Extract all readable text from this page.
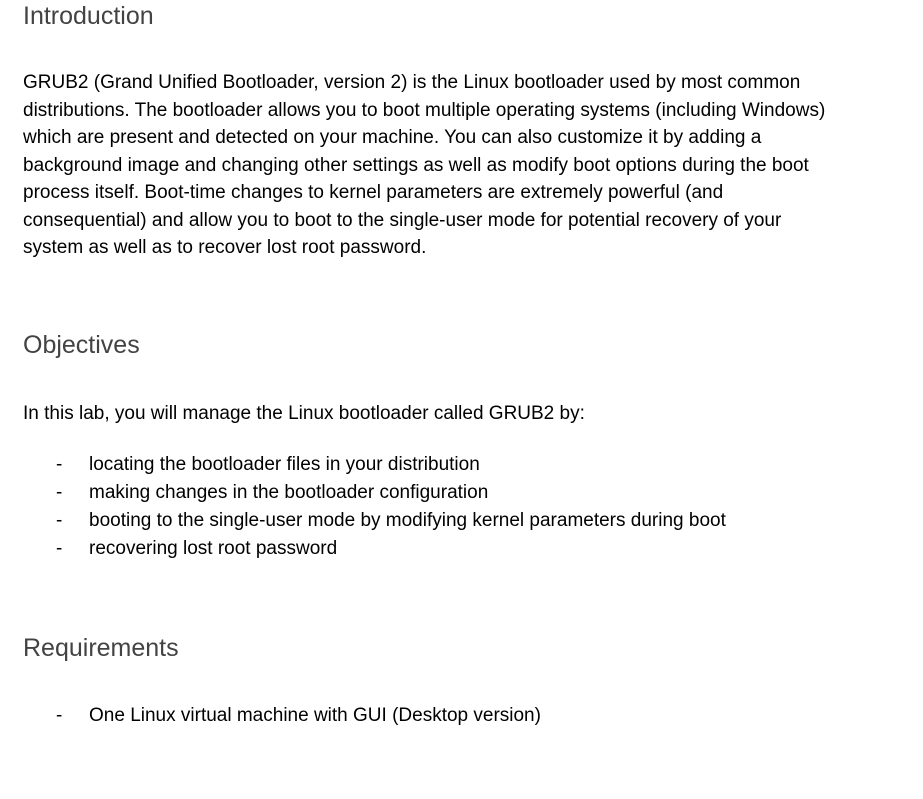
Introduction
GRUB2 (Grand Unified Bootloader, version 2) is the Linux bootloader used by most common
distributions. The bootloader allows you to boot multiple operating systems (including Windows)
which are present and detected on your machine. You can also customize it by adding a
background image and changing other settings as well as modify boot options during the boot
process itself. Boot-time changes to kernel parameters are extremely powerful (and
consequential) and allow you to boot to the single-user mode for potential recovery of your
system as well as to recover lost root password.
Objectives

In this lab, you will manage the Linux bootloader called GRUB2 by:

- locating the bootloader files in your distribution
- making changes in the bootloader configuration
- booting to the single-user mode by modifying kernel parameters during boot
- recovering lost root password
Requirements
- One Linux virtual machine with GUI (Desktop version)
